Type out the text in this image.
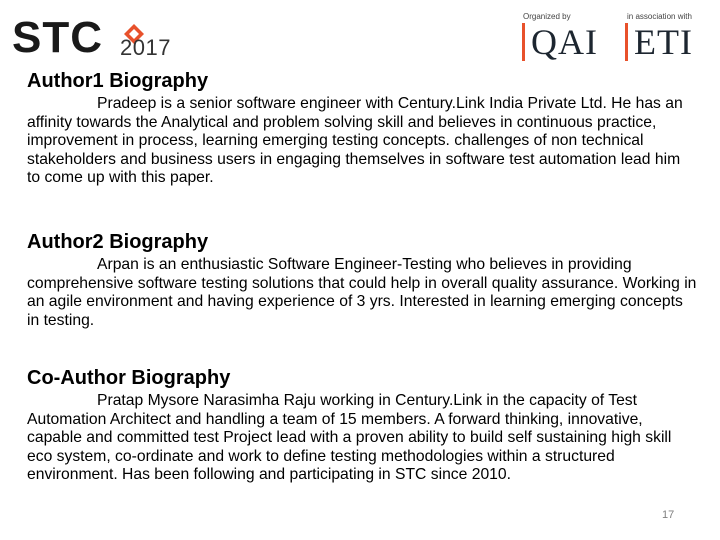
STC 2017
Organized by
QAI
in association with
ETI
Author1 Biography

Pradeep is a senior software engineer with Century.Link India Private Ltd. He has an affinity towards the Analytical and problem solving skill and believes in continuous practice, improvement in process, learning emerging testing concepts. challenges of non technical stakeholders and business users in engaging themselves in software test automation lead him to come up with this paper.

Author2 Biography

Arpan is an enthusiastic Software Engineer-Testing who believes in providing comprehensive software testing solutions that could help in overall quality assurance. Working in an agile environment and having experience of 3 yrs. Interested in learning emerging concepts in testing.

Co-Author Biography

Pratap Mysore Narasimha Raju working in Century.Link in the capacity of Test Automation Architect and handling a team of 15 members. A forward thinking, innovative, capable and committed test Project lead with a proven ability to build self sustaining high skill eco system, co-ordinate and work to define testing methodologies within a structured environment. Has been following and participating in STC since 2010.

17
